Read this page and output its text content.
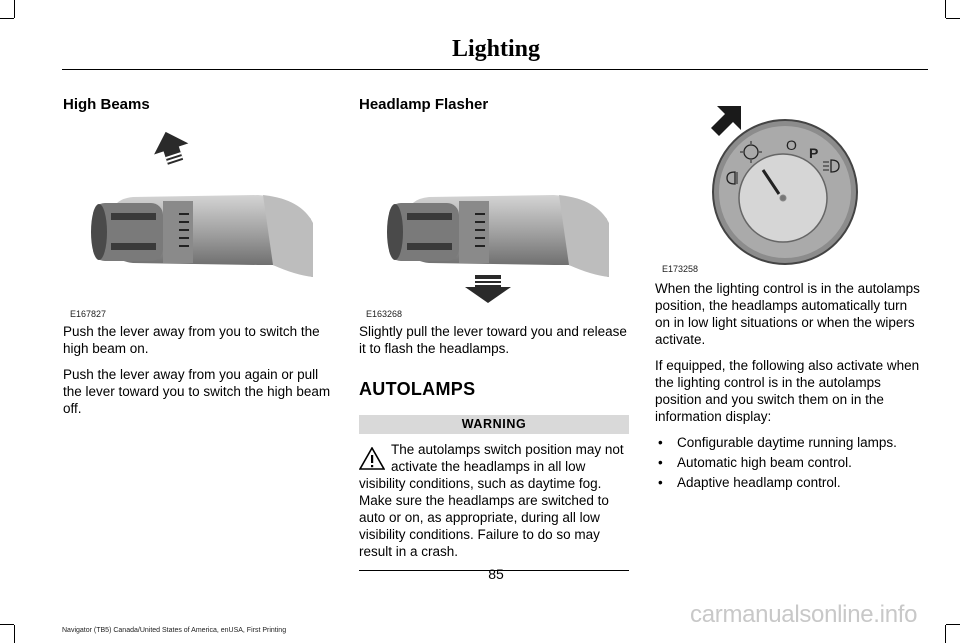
Lighting
High Beams
E167827

Push the lever away from you to switch the high beam on.

Push the lever away from you again or pull the lever toward you to switch the high beam off.

Headlamp Flasher
E163268

Slightly pull the lever toward you and release it to flash the headlamps.

AUTOLAMPS
WARNING
The autolamps switch position may not activate the headlamps in all low visibility conditions, such as daytime fog. Make sure the headlamps are switched to auto or on, as appropriate, during all low visibility conditions. Failure to do so may result in a crash.
O P
E173258

When the lighting control is in the autolamps position, the headlamps automatically turn on in low light situations or when the wipers activate.

If equipped, the following also activate when the lighting control is in the autolamps position and you switch them on in the information display:

• Configurable daytime running lamps.
• Automatic high beam control.
• Adaptive headlamp control.
85
Navigator (TB5) Canada/United States of America, enUSA, First Printing
carmanualsonline.info
